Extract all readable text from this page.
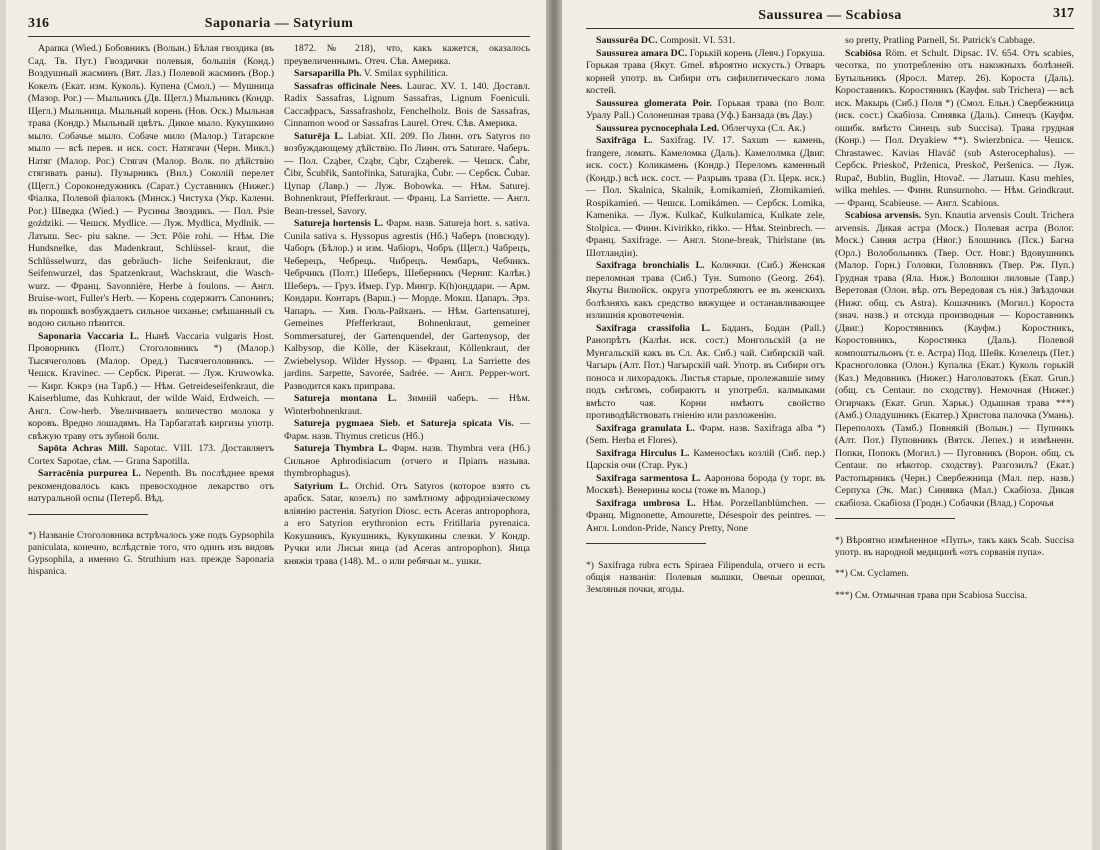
316	Saponaria — Satyrium

Арапка (Wied.) Бобовникъ (Волын.) Бѣлая гвоздика (въ Сад. Тв. Пут.) Гвоздички полевыя, большія (Конд.) Воздушный жасминъ (Вят. Лаз.) Полевой жасминъ (Вор.) Кокелъ (Екат. изм. Куколь). Купена (Смол.) — Мушница (Мазор. Рог.) — Мыльникъ (Дв. Щегл.) Мыльникъ (Кондр. Щегл.) Мыльница. Мыльный корень (Нов. Оск.) Мыльная трава (Кондр.) Мыльный цвѣтъ. Дикое мыло. Кукушкино мыло. Собачье мыло. Собаче мило (Малор.) Татарское мыло — всѣ перев. и иск. сост. Натягачи (Черн. Микл.) Натяг (Малор. Рог.) Стягач (Малор. Волк. по дѣйствію стягивать раны). Пузырникъ (Вил.) Соколій перелет (Щегл.) Сороконедужникъ (Сарат.) Суставникъ (Нижег.) Фіалка, Полевой фіалокъ (Минск.) Чистуха (Укр. Калени. Рог.) Шведка (Wied.) — Русины Звоздикъ. — Пол. Psie goździki. — Чешск. Mydlice. — Луж. Mydlica, Mydlnik. — Латыш. Sec- piu sakne. — Эст. Põie rohi. — Нѣм. Die Hundsnelke, das Madenkraut, Schlüssel- kraut, die Schlüsselwurz, das gebräuch- liche Seifenkraut, die Seifenwurzel, das Spatzenkraut, Wachskraut, die Wasch- wurz. — Франц. Savonnière, Herbe à foulons. — Англ. Bruise-wort, Fuller's Herb. — Корень содержитъ Сапонинъ; въ порошкѣ возбуждаетъ сильное чиханье; смѣшанный съ водою сильно пѣнится.

Saponaria Vaccaria L. Нынѣ Vaccaria vulgaris Host. Проворникъ (Полт.) Стоголовникъ *) (Малор.) Тысячеголовъ (Малор. Оред.) Тысячеголовникъ. — Чешск. Kravinec. — Сербск. Piperat. — Луж. Kruwowka. — Кирг. Кэкрэ (на Тарб.) — Нѣм. Getreideseifenkraut, die Kaiserblume, das Kuhkraut, der wilde Waid, Erdweich. — Англ. Cow-herb. Увеличиваетъ количество молока у коровъ. Вредно лошадямъ. На Тарбагатаѣ киргизы употр. свѣжую траву отъ зубной боли.

Sapōta Achras Mill. Sapotac. VIII. 173. Доставляетъ Cortex Sapotae, сѣм. — Grana Sapotilla.

Sarracēnia purpurea L. Nepenth. Въ послѣднее время рекомендовалось какъ превосходное лекарство отъ натуральной оспы (Петерб. Вѣд.

*) Названіе Стоголовника встрѣчалось уже подъ Gypsophila paniculata, конечно, вслѣдствіе того, что одинъ изъ видовъ Gypsophila, а именно G. Struthium наз. прежде Saponaria hispanica.

1872. № 218), что, какъ кажется, оказалось преувеличеннымъ. Отеч. Сѣв. Америка.

Sarsaparilla Ph. V. Smilax syphilitica.

Sassafras officinale Nees. Laurac. XV. 1. 140. Доставл. Radix Sassafras, Lignum Sassafras, Lignum Foeniculi. Сассафрасъ, Sassafrasholz, Fenchelholz. Bois de Sassafras, Cinnamon wood or Sassafras Laurel. Отеч. Сѣв. Америка.

Saturēja L. Labiat. XII. 209. По Линн. отъ Satyros по возбуждающему дѣйствію. По Линн. отъ Saturare. Чаберъ. — Пол. Cząber, Cząbr, Cąbr, Cząberek. — Чешск. Čabr, Čibr, Šcubřik, Santořinka, Saturajka, Čubr. — Сербск. Čubar. Цупар (Лавр.) — Луж. Bobowka. — Нѣм. Saturej. Bohnenkraut, Pfefferkraut. — Франц. La Sarriette. — Англ. Bean-tressel, Savory.

Satureja hortensis L. Фарм. назв. Satureja hort. s. sativa. Cunila sativa s. Hyssopus agrestis (Нб.) Чаберъ (повсюду). Чаборъ (Бѣлор.) и изм. Чабіоръ, Чобръ (Щегл.) Чабрецъ, Чеберецъ, Чебрець. Чибрецъ. Чембаръ, Чебчикъ. Чебрчикъ (Полт.) Шеберъ, Шеберникъ (Черниг. Калѣн.) Шеберъ. — Груз. Имер. Гур. Мингр. K(h)онддари. — Арм. Кондари. Контаръ (Варш.) — Морде. Мокш. Цапаръ. Эрз. Чапаръ. — Хив. Гюль-Райханъ. — Нѣм. Gartensaturej, Gemeines Pfefferkraut, Bohnenkraut, gemeiner Sommersaturej, der Gartenquendel, der Gartenysop, der Kalbysop, die Kölle, der Käsekraut, Köllenkraut, der Zwiebelysop. Wilder Hyssop. — Франц. La Sarriette des jardins. Sarpette, Savorée, Sadrée. — Англ. Pepper-wort. Разводится какъ приправа.

Satureja montana L. Зимній чаберъ. — Нѣм. Winterbohnenkraut.

Satureja pygmaea Sieb. et Satureja spicata Vis. — Фарм. назв. Thymus creticus (Нб.)

Satureja Thymbra L. Фарм. назв. Thymbra vera (Нб.) Сильное Aphrodisiacum (отчего и Пріапъ называ. thymbrophagus).

Satyrium L. Orchid. Отъ Satyros (которое взято съ арабск. Satar, козелъ) по замѣтному афродизіаческому вліянію растенія. Satyrion Diosc. есть Aceras antropophora, a его Satyrion erythronion есть Fritillaria pyrenaica. Кокушникъ, Кукушникъ, Кукушкины слезки. У Кондр. Ручки или Лисьи яица (ad Aceras antropophon). Яица княжія трава (148). М.. о или ребячьи м.. ушки.

Saussurea — Scabiosa	317

Saussurēa DC. Composit. VI. 531.

Saussurea amara DC. Горькій корень (Левч.) Горкуша. Горькая трава (Якут. Gmel. вѣроятно искусть.) Отваръ корней употр. въ Сибири отъ сифилитическаго лома костей.

Saussurea glomerata Poir. Горькая трава (по Волг. Уралу Pall.) Солонешная трава (Уф.) Банзада (въ Дау.)

Saussurea pycnocephala Led. Облегчуха (Сл. Ак.)

Saxifrāga L. Saxifrag. IV. 17. Saxum — камень, frangere, ломать. Камеломка (Даль). Камелолмка (Двиг. иск. сост.) Коликамень (Кондр.) Переломъ каменный (Кондр.) всѣ иск. сост. — Разрывъ трава (Гл. Церк. иск.) — Пол. Skalnica, Skalnik, Łomikamień, Złomikamień. Rospikamień. — Чешск. Lomikámen. — Сербск. Lomika, Kamenika. — Луж. Kulkač, Kulkulamica, Kulkate zele, Stolpica. — Финн. Kivirikko, rikko. — Нѣм. Steinbrech. — Франц. Saxifrage. — Англ. Stone-break, Thirlstane (въ Шотландіи).

Saxifraga bronchialis L. Колючки. (Сиб.) Женская переломная трава (Сиб.) Тун. Sumono (Georg. 264). Якуты Вилюйск. округа употребляютъ ее въ женскихъ болѣзняхъ какъ средство вяжущее и останавливающее излишнія кровотеченія.

Saxifraga crassifolia L. Баданъ, Бодан (Pall.) Ранопрѣтъ (Калѣн. иск. сост.) Монгольскій (а не Мунгальскій какъ въ Сл. Ак. Сиб.) чай. Сибирскій чай. Чагырь (Алт. Пот.) Чагырскій чай. Употр. въ Сибири отъ поноса и лихорадокъ. Листья старые, пролежавшіе зиму подъ снѣгомъ, собираютъ и употребл. калмыками вмѣсто чая. Корни имѣютъ свойство противодѣйствовать гніенію или разложенію.

Saxifraga granulata L. Фарм. назв. Saxifraga alba *) (Sem. Herba et Flores).

Saxifraga Hirculus L. Каменосѣкъ козлій (Сиб. пер.) Царскія очи (Стар. Рук.)

Saxifraga sarmentosa L. Ааронова борода (у торг. въ Москвѣ). Венерины косы (тоже въ Малор.)

Saxifraga umbrosa L. Нѣм. Porzellanblümchen. — Франц. Mignonette, Amourette, Désespoir des peintres. — Англ. London-Pride, Nancy Pretty, None

*) Saxifraga rubra есть Spiraea Filipendula, отчего и есть общія названія: Полевыя мышки, Овечьи орешки, Земляныя почки, ягоды.

so pretty, Pratling Parnell, St. Patrick's Cabbage.

Scabiōsa Röm. et Schult. Dipsac. IV. 654. Отъ scabies, чесотка, по употребленію отъ накожныхъ болѣзней. Бутыльникъ (Яросл. Матер. 26). Короста (Даль). Короставникъ. Коростяникъ (Кауфм. sub Trichera) — всѣ иск. Макырь (Сиб.) Поля *) (Смол. Ельн.) Свербежница (иск. сост.) Скабіоза. Синявка (Даль). Синецъ (Кауфм. ошибк. вмѣсто Синецъ sub Succisa). Трава грудная (Конр.) — Пол. Dryakiew **). Swierzbnica. — Чешск. Chrastawec. Kavias Hlaváč (sub Asterocephalus). — Сербск. Prieskoč, Prženica, Preskoč, Peršenica. — Луж. Rupač, Bublin, Buglin, Htovač. — Латыш. Kasu mehles, wilka mehles. — Финн. Runsurnoho. — Нѣм. Grindkraut. — Франц. Scabieuse. — Англ. Scabious.

Scabiosa arvensis. Syn. Knautia arvensis Coult. Trichera arvensis. Дикая астра (Моск.) Полевая астра (Волог. Моск.) Синяя астра (Нвог.) Блошникъ (Пск.) Багна (Орл.) Волобольникъ (Твер. Ост. Новг.) Вдовушникъ (Малор. Горн.) Головки, Головнякъ (Твер. Рж. Пуп.) Грудная трава (Яла. Ниж.) Волошки лиловые (Тавр.) Веретовая (Олон. вѣр. отъ Вередовая съ нія.) Звѣздочки (Нижг. общ. съ Astra). Кошачникъ (Могил.) Короста (знач. назв.) и отсюда производныя — Короставникъ (Двиг.) Коростявникъ (Кауфм.) Коростникъ, Коростовникъ, Коростянка (Даль). Полевой компоштыльонъ (т. е. Астра) Под. Шейк. Козелецъ (Пет.) Красноголовка (Олон.) Купалка (Екат.) Куколь горькій (Каз.) Медовникъ (Нижег.) Наголоватокъ (Екат. Grun.) (общ. съ Centaur. по сходству). Немочная (Нижег.) Огирчакъ (Екат. Grun. Харьк.) Одышная трава ***) (Амб.) Оладушникъ (Екатер.) Христова палочка (Умань). Переполохъ (Тамб.) Повнякій (Волын.) — Пупникъ (Алт. Пот.) Пуповникъ (Вятск. Лепех.) и измѣненн. Попки, Попокъ (Могил.) — Пуговникъ (Ворон. общ. съ Centaur. по нѣкотор. сходству). Разгозилъ? (Екат.) Растопырникъ (Черн.) Свербежница (Мал. пер. назв.) Серпуха (Эк. Маг.) Синявка (Мал.) Скабіоза. Дикая скабіоза. Скабіоза (Гродн.) Собачки (Влад.) Сорочья

*) Вѣроятно измѣненное «Пупъ», такъ какъ Scab. Succisa употр. въ народной медицинѣ «отъ сорванія пупа».

**) См. Cyclamen.

***) См. Отмычная трава при Scabiosa Succisa.
